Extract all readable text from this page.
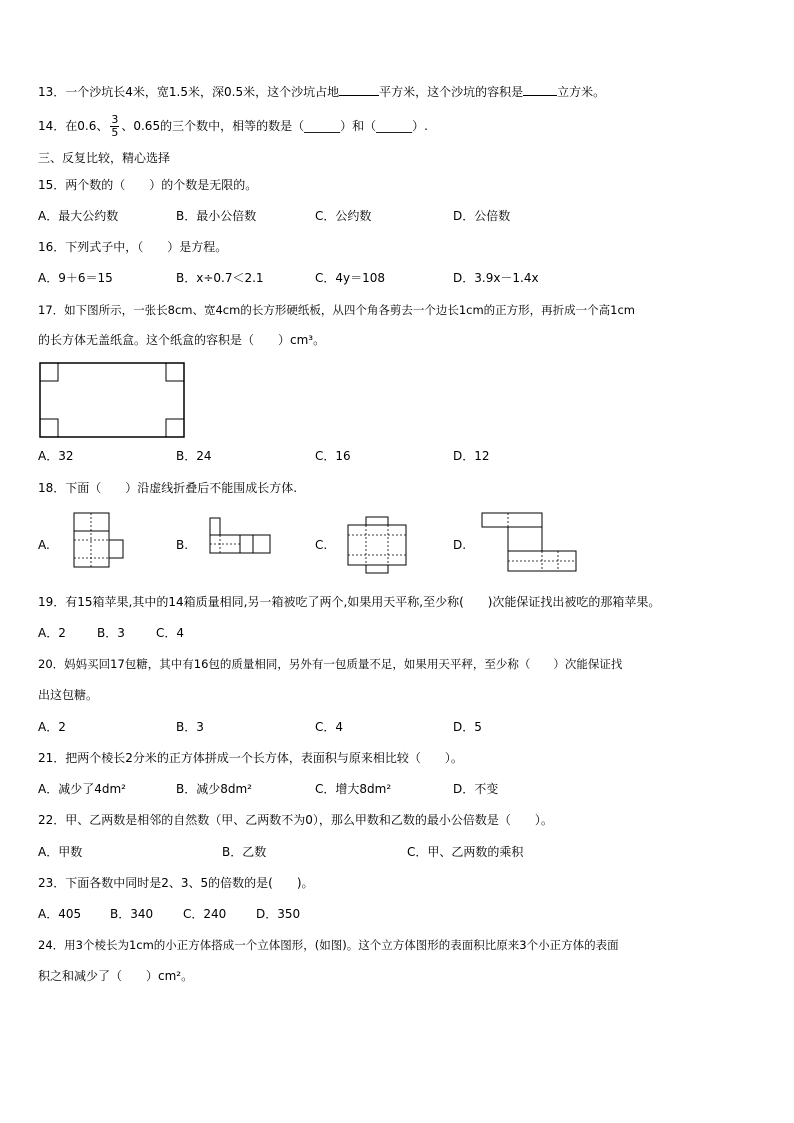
13．一个沙坑长4米，宽1.5米，深0.5米，这个沙坑占地	平方米，这个沙坑的容积是	立方米。
14．在0.6、 $\frac{3}{5}$ 、0.65的三个数中，相等的数是（______）和（______）.
三、反复比较，精心选择
15．两个数的（　　）的个数是无限的。
A．最大公约数	B．最小公倍数	C．公约数	D．公倍数
16．下列式子中，（　　）是方程。
A．9＋6＝15	B．x÷0.7＜2.1	C．4y＝108	D．3.9x－1.4x
17．如下图所示，一张长8cm、宽4cm的长方形硬纸板，从四个角各剪去一个边长1cm的正方形，再折成一个高1cm
的长方体无盖纸盒。这个纸盒的容积是（　　）cm³。
A．32	B．24	C．16	D．12
18．下面（　　）沿虚线折叠后不能围成长方体.
A.	B.	C.	D.
19．有15箱苹果,其中的14箱质量相同,另一箱被吃了两个,如果用天平称,至少称(　　)次能保证找出被吃的那箱苹果。
A．2	B．3	C．4
20．妈妈买回17包糖，其中有16包的质量相同，另外有一包质量不足，如果用天平秤，至少称（　　）次能保证找
出这包糖。
A．2	B．3	C．4	D．5
21．把两个棱长2分米的正方体拼成一个长方体，表面积与原来相比较（　　）。
A．减少了4dm²	B．减少8dm²	C．增大8dm²	D．不变
22．甲、乙两数是相邻的自然数（甲、乙两数不为0），那么甲数和乙数的最小公倍数是（　　）。
A．甲数	B．乙数	C．甲、乙两数的乘积
23．下面各数中同时是2、3、5的倍数的是(　　)。
A．405 B．340 C．240 D．350
24．用3个棱长为1cm的小正方体搭成一个立体图形，(如图)。这个立方体图形的表面积比原来3个小正方体的表面
积之和减少了（　　）cm²。
